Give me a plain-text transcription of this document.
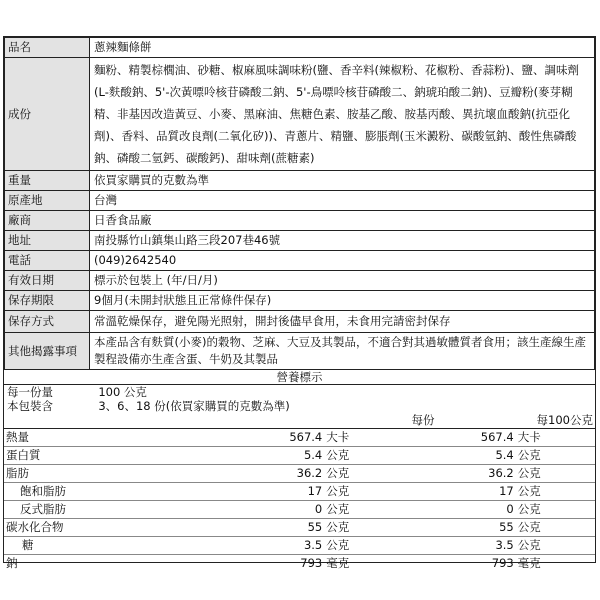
品名	蔥辣麵條餅
成份	麵粉、精製棕櫚油、砂糖、椒麻風味調味粉(鹽、香辛料(辣椒粉、花椒粉、香蒜粉)、鹽、調味劑(L-麩酸鈉、5'-次黃嘌呤核苷磷酸二鈉、5'-鳥嘌呤核苷磷酸二、鈉琥珀酸二鈉)、豆瓣粉(麥芽糊精、非基因改造黃豆、小麥、黑麻油、焦糖色素、胺基乙酸、胺基丙酸、異抗壞血酸鈉(抗亞化劑)、香料、品質改良劑(二氧化矽))、青蔥片、精鹽、膨脹劑(玉米澱粉、碳酸氫鈉、酸性焦磷酸鈉、磷酸二氫鈣、碳酸鈣)、甜味劑(蔗糖素)
重量	依買家購買的克數為準
原產地	台灣
廠商	日香食品廠
地址	南投縣竹山鎮集山路三段207巷46號
電話	(049)2642540
有效日期	標示於包裝上 (年/日/月)
保存期限	9個月(未開封狀態且正常條件保存)
保存方式	常溫乾燥保存，避免陽光照射，開封後儘早食用，未食用完請密封保存
其他揭露事項	本產品含有麩質(小麥)的穀物、芝麻、大豆及其製品，不適合對其過敏體質者食用；該生產線生產製程設備亦生產含蛋、牛奶及其製品
營養標示
每一份量	100 公克
本包裝含	3、6、18 份(依買家購買的克數為準)
	每份		每100公克	
熱量	567.4	大卡	567.4	大卡
蛋白質	5.4	公克	5.4	公克
脂肪	36.2	公克	36.2	公克
飽和脂肪	17	公克	17	公克
反式脂肪	0	公克	0	公克
碳水化合物	55	公克	55	公克
糖	3.5	公克	3.5	公克
鈉	793	毫克	793	毫克
